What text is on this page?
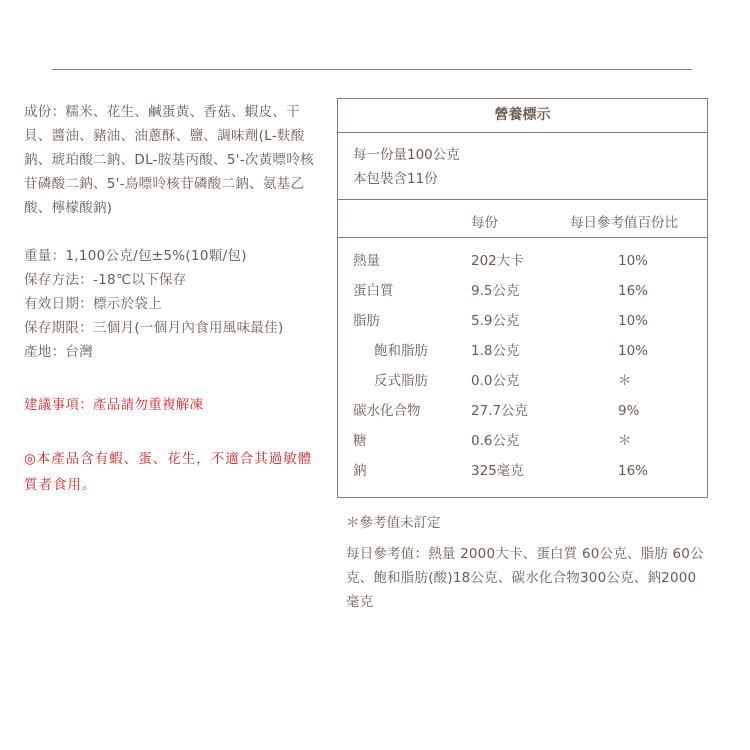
成份：糯米、花生、鹹蛋黃、香菇、蝦皮、干貝、醬油、豬油、油蔥酥、鹽、調味劑(L-麩酸鈉、琥珀酸二鈉、DL-胺基丙酸、5'-次黃嘌呤核苷磷酸二鈉、5'-鳥嘌呤核苷磷酸二鈉、氨基乙酸、檸檬酸鈉)

重量：1,100公克/包±5%(10顆/包)
保存方法：-18℃以下保存
有效日期：標示於袋上
保存期限：三個月(一個月內食用風味最佳)
產地：台灣
建議事項：產品請勿重複解凍
◎本產品含有蝦、蛋、花生，不適合其過敏體質者食用。
營養標示
每一份量100公克
本包裝含11份
每份	每日參考值百份比
熱量	202大卡	10%
蛋白質	9.5公克	16%
脂肪	5.9公克	10%
飽和脂肪	1.8公克	10%
反式脂肪	0.0公克	＊
碳水化合物	27.7公克	9%
糖	0.6公克	＊
鈉	325毫克	16%
＊參考值未訂定
每日參考值：熱量 2000大卡、蛋白質 60公克、脂肪 60公克、飽和脂肪(酸)18公克、碳水化合物300公克、鈉2000毫克
